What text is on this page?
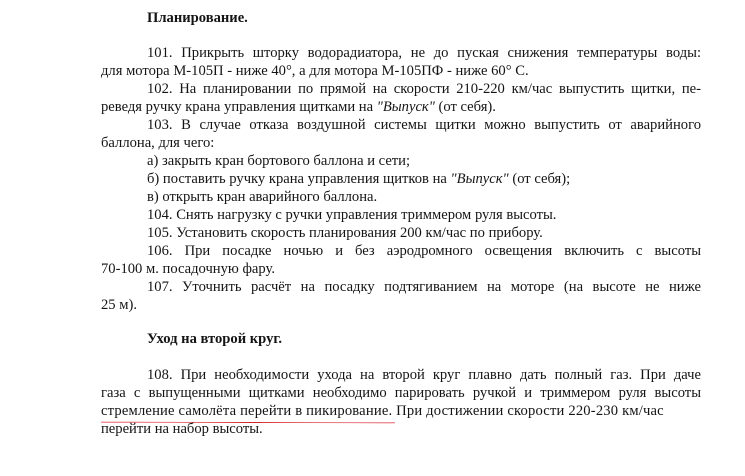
Планирование.

101. Прикрыть шторку водорадиатора, не до пуская снижения температуры воды:

для мотора М-105П - ниже 40°, а для мотора М-105ПФ - ниже 60° С.

102. На планировании по прямой на скорости 210-220 км/час выпустить щитки, пе-

реведя ручку крана управления щитками на "Выпуск" (от себя).

103. В случае отказа воздушной системы щитки можно выпустить от аварийного

баллона, для чего:

а) закрыть кран бортового баллона и сети;

б) поставить ручку крана управления щитков на "Выпуск" (от себя);

в) открыть кран аварийного баллона.

104. Снять нагрузку с ручки управления триммером руля высоты.

105. Установить скорость планирования 200 км/час по прибору.

106. При посадке ночью и без аэродромного освещения включить с высоты

70-100 м. посадочную фару.

107. Уточнить расчёт на посадку подтягиванием на моторе (на высоте не ниже

25 м).

Уход на второй круг.

108. При необходимости ухода на второй круг плавно дать полный газ. При даче

газа с выпущенными щитками необходимо парировать ручкой и триммером руля высоты

стремление самолёта перейти в пикирование.
При достижении скорости 220-230 км/час

перейти на набор высоты.
